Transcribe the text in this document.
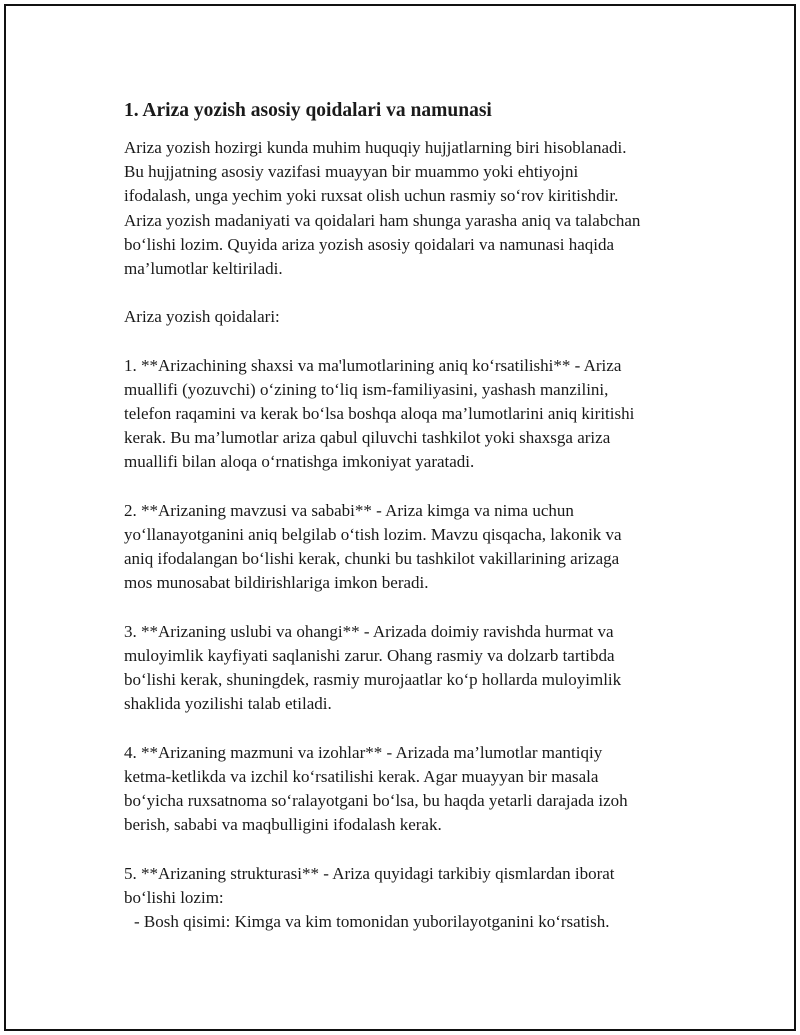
1. Ariza yozish asosiy qoidalari va namunasi
Ariza yozish hozirgi kunda muhim huquqiy hujjatlarning biri hisoblanadi.
Bu hujjatning asosiy vazifasi muayyan bir muammo yoki ehtiyojni
ifodalash, unga yechim yoki ruxsat olish uchun rasmiy so‘rov kiritishdir.
Ariza yozish madaniyati va qoidalari ham shunga yarasha aniq va talabchan
bo‘lishi lozim. Quyida ariza yozish asosiy qoidalari va namunasi haqida
ma’lumotlar keltiriladi.
Ariza yozish qoidalari:
1. **Arizachining shaxsi va ma'lumotlarining aniq ko‘rsatilishi** - Ariza
muallifi (yozuvchi) o‘zining to‘liq ism-familiyasini, yashash manzilini,
telefon raqamini va kerak bo‘lsa boshqa aloqa ma’lumotlarini aniq kiritishi
kerak. Bu ma’lumotlar ariza qabul qiluvchi tashkilot yoki shaxsga ariza
muallifi bilan aloqa o‘rnatishga imkoniyat yaratadi.
2. **Arizaning mavzusi va sababi** - Ariza kimga va nima uchun
yo‘llanayotganini aniq belgilab o‘tish lozim. Mavzu qisqacha, lakonik va
aniq ifodalangan bo‘lishi kerak, chunki bu tashkilot vakillarining arizaga
mos munosabat bildirishlariga imkon beradi.
3. **Arizaning uslubi va ohangi** - Arizada doimiy ravishda hurmat va
muloyimlik kayfiyati saqlanishi zarur. Ohang rasmiy va dolzarb tartibda
bo‘lishi kerak, shuningdek, rasmiy murojaatlar ko‘p hollarda muloyimlik
shaklida yozilishi talab etiladi.
4. **Arizaning mazmuni va izohlar** - Arizada ma’lumotlar mantiqiy
ketma-ketlikda va izchil ko‘rsatilishi kerak. Agar muayyan bir masala
bo‘yicha ruxsatnoma so‘ralayotgani bo‘lsa, bu haqda yetarli darajada izoh
berish, sababi va maqbulligini ifodalash kerak.
5. **Arizaning strukturasi** - Ariza quyidagi tarkibiy qismlardan iborat
bo‘lishi lozim:
- Bosh qisimi: Kimga va kim tomonidan yuborilayotganini ko‘rsatish.
